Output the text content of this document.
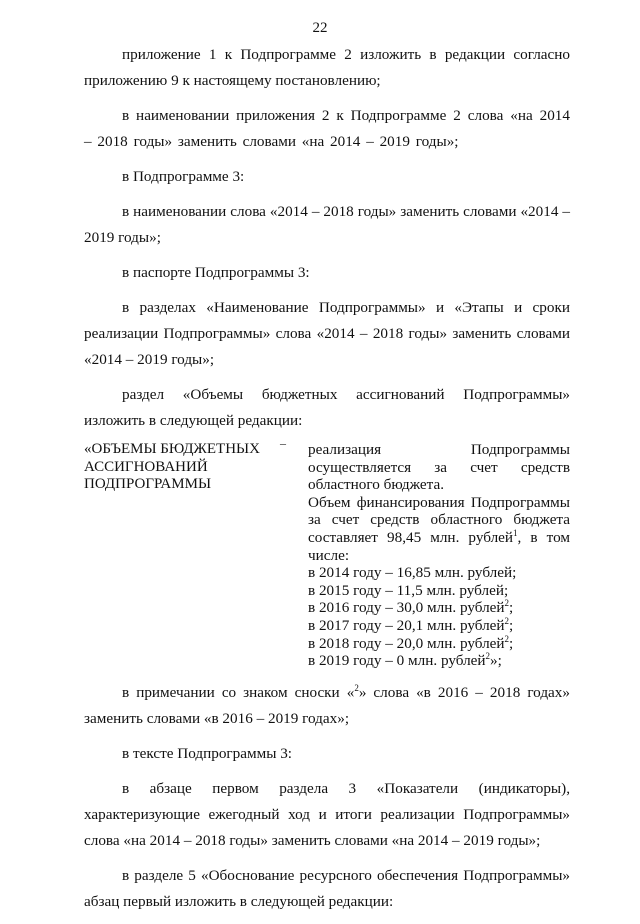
22

приложение 1 к Подпрограмме 2 изложить в редакции согласно приложению 9 к настоящему постановлению;

в наименовании приложения 2 к Подпрограмме 2 слова «на 2014 – 2018 годы» заменить словами «на 2014 – 2019 годы»;

в Подпрограмме 3:

в наименовании слова «2014 – 2018 годы» заменить словами «2014 – 2019 годы»;

в паспорте Подпрограммы 3:

в разделах «Наименование Подпрограммы» и «Этапы и сроки реализации Подпрограммы» слова «2014 – 2018 годы» заменить словами «2014 – 2019 годы»;

раздел «Объемы бюджетных ассигнований Подпрограммы» изложить в следующей редакции:

«ОБЪЕМЫ БЮДЖЕТНЫХ АССИГНОВАНИЙ ПОДПРОГРАММЫ
– реализация Подпрограммы осуществляется за счет средств областного бюджета.

Объем финансирования Подпрограммы за счет средств областного бюджета составляет 98,45 млн. рублей$^1$, в том числе:

в 2014 году – 16,85 млн. рублей;

в 2015 году – 11,5 млн. рублей;

в 2016 году – 30,0 млн. рублей$^2$;

в 2017 году – 20,1 млн. рублей$^2$;

в 2018 году – 20,0 млн. рублей$^2$;

в 2019 году – 0 млн. рублей$^2$»;

в примечании со знаком сноски «$^2$» слова «в 2016 – 2018 годах» заменить словами «в 2016 – 2019 годах»;

в тексте Подпрограммы 3:

в абзаце первом раздела 3 «Показатели (индикаторы), характеризующие ежегодный ход и итоги реализации Подпрограммы» слова «на 2014 – 2018 годы» заменить словами «на 2014 – 2019 годы»;

в разделе 5 «Обоснование ресурсного обеспечения Подпрограммы» абзац первый изложить в следующей редакции:
